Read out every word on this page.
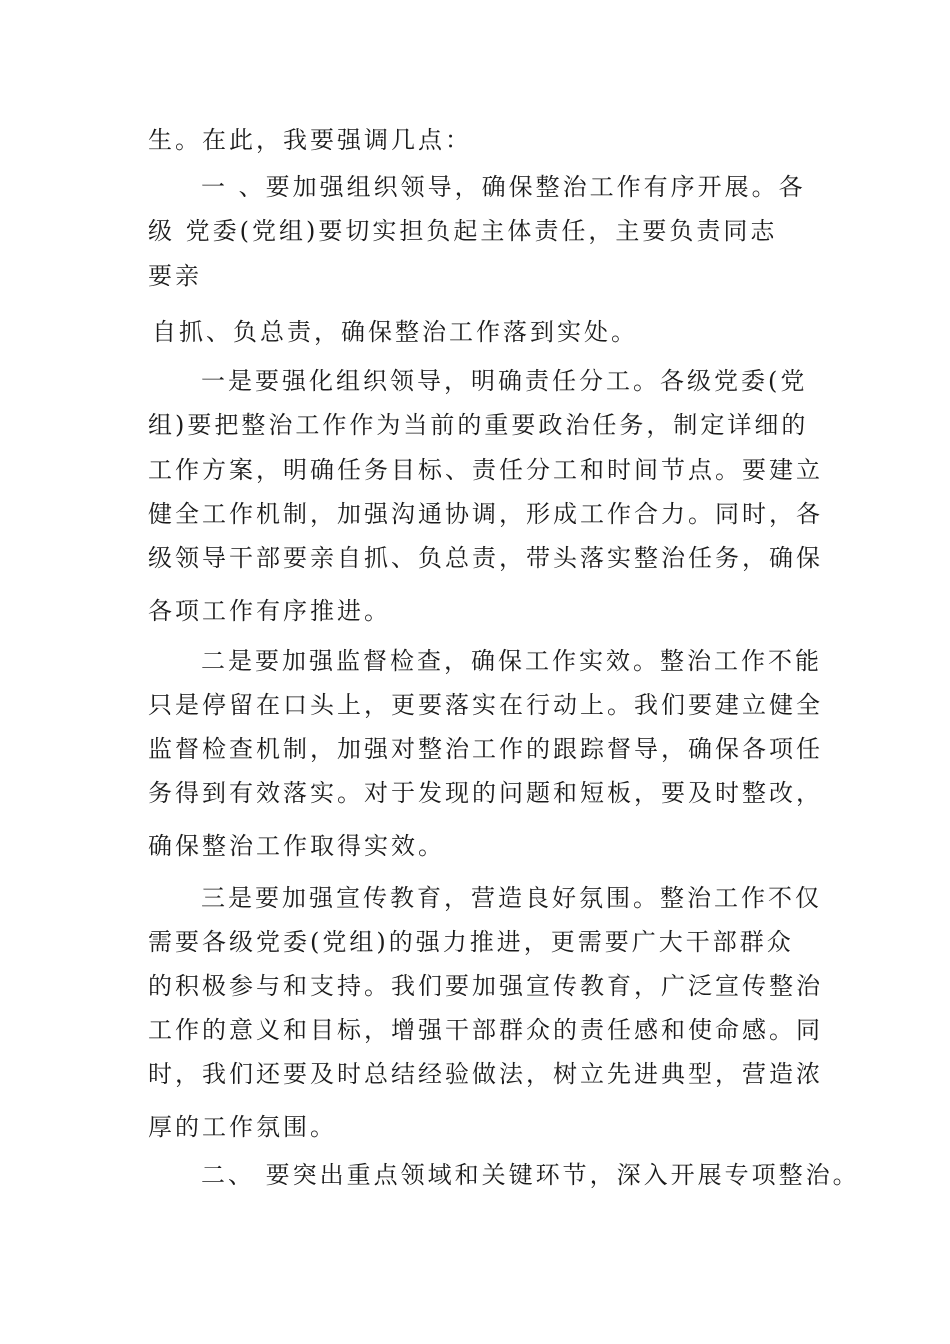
生。在此，我要强调几点：
一 、要加强组织领导，确保整治工作有序开展。各
级 党委(党组)要切实担负起主体责任，主要负责同志
要亲
自抓、负总责，确保整治工作落到实处。
一是要强化组织领导，明确责任分工。各级党委(党
组)要把整治工作作为当前的重要政治任务，制定详细的
工作方案，明确任务目标、责任分工和时间节点。要建立
健全工作机制，加强沟通协调，形成工作合力。同时，各
级领导干部要亲自抓、负总责，带头落实整治任务，确保
各项工作有序推进。
二是要加强监督检查，确保工作实效。整治工作不能
只是停留在口头上，更要落实在行动上。我们要建立健全
监督检查机制，加强对整治工作的跟踪督导，确保各项任
务得到有效落实。对于发现的问题和短板，要及时整改，
确保整治工作取得实效。
三是要加强宣传教育，营造良好氛围。整治工作不仅
需要各级党委(党组)的强力推进，更需要广大干部群众
的积极参与和支持。我们要加强宣传教育，广泛宣传整治
工作的意义和目标，增强干部群众的责任感和使命感。同
时，我们还要及时总结经验做法，树立先进典型，营造浓
厚的工作氛围。
二、 要突出重点领域和关键环节，深入开展专项整治。
